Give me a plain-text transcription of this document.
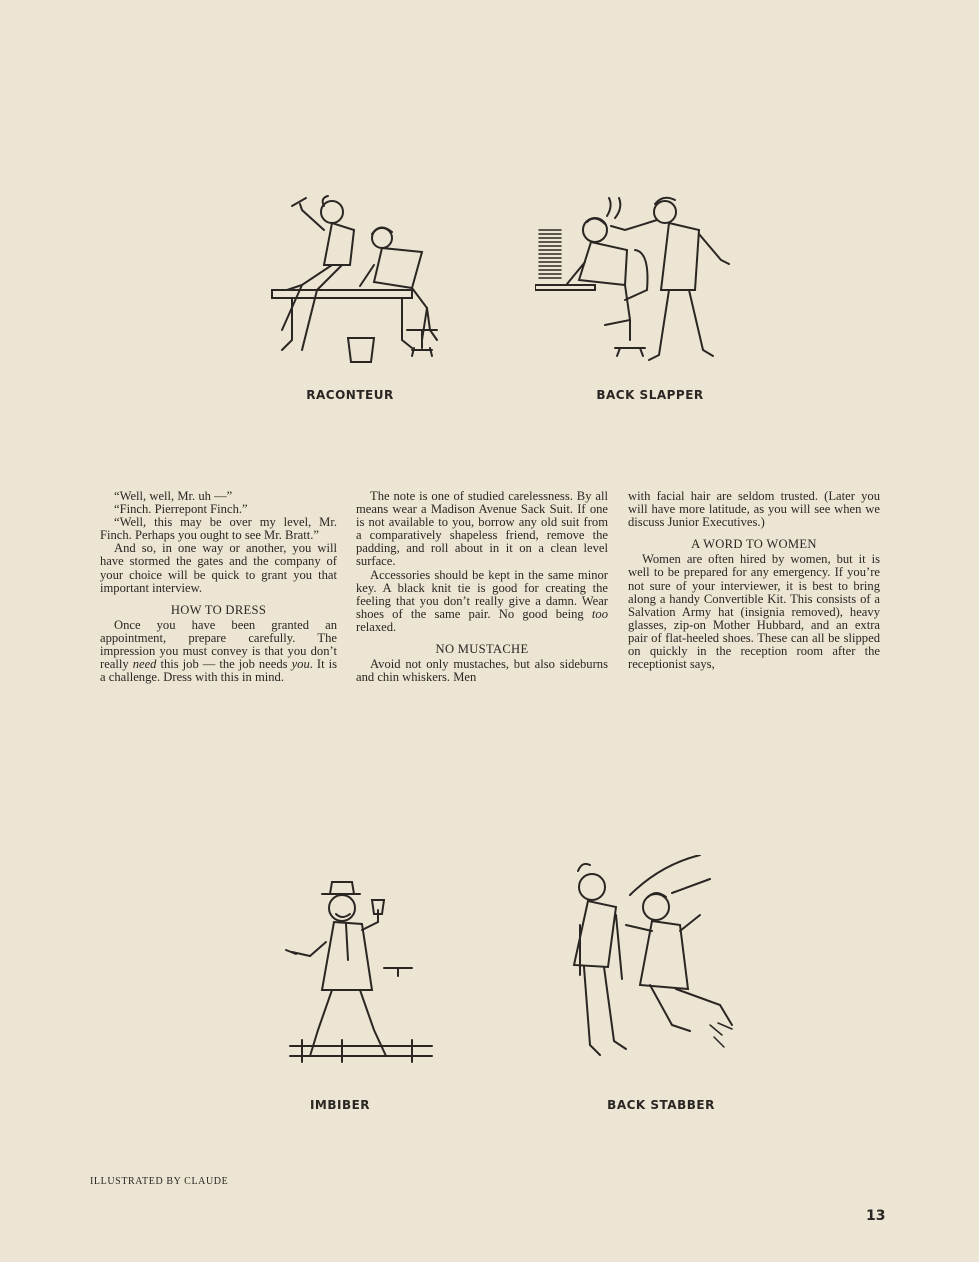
RACONTEUR	BACK SLAPPER

“Well, well, Mr. uh —”

“Finch. Pierrepont Finch.”

“Well, this may be over my level, Mr. Finch. Perhaps you ought to see Mr. Bratt.”

And so, in one way or another, you will have stormed the gates and the company of your choice will be quick to grant you that important interview.

HOW TO DRESS

Once you have been granted an appointment, prepare carefully. The impression you must convey is that you don’t really need this job — the job needs you. It is a challenge. Dress with this in mind.

The note is one of studied carelessness. By all means wear a Madison Avenue Sack Suit. If one is not available to you, borrow any old suit from a comparatively shapeless friend, remove the padding, and roll about in it on a clean level surface.

Accessories should be kept in the same minor key. A black knit tie is good for creating the feeling that you don’t really give a damn. Wear shoes of the same pair. No good being too relaxed.

NO MUSTACHE

Avoid not only mustaches, but also sideburns and chin whiskers. Men

with facial hair are seldom trusted. (Later you will have more latitude, as you will see when we discuss Junior Executives.)

A WORD TO WOMEN

Women are often hired by women, but it is well to be prepared for any emergency. If you’re not sure of your interviewer, it is best to bring along a handy Convertible Kit. This consists of a Salvation Army hat (insignia removed), heavy glasses, zip-on Mother Hubbard, and an extra pair of flat-heeled shoes. These can all be slipped on quickly in the reception room after the receptionist says,

IMBIBER	BACK STABBER
ILLUSTRATED BY CLAUDE
13
